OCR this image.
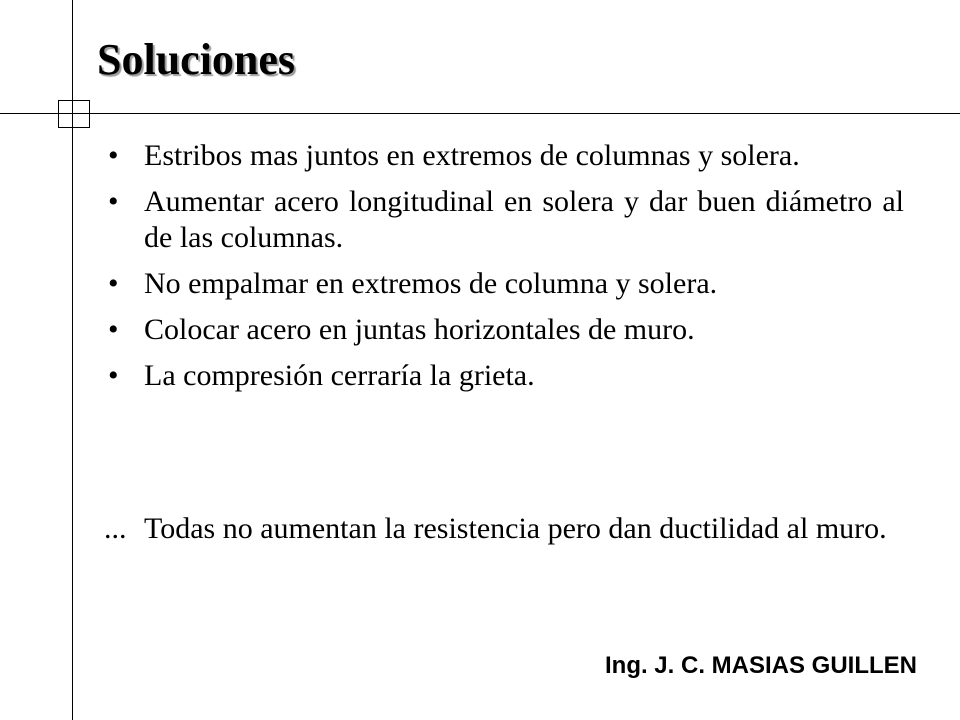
Soluciones
• Estribos mas juntos en extremos de columnas y solera.
• Aumentar acero longitudinal en solera y dar buen diámetro al de las columnas.
• No empalmar en extremos de columna y solera.
• Colocar acero en juntas horizontales de muro.
• La compresión cerraría la grieta.

... Todas no aumentan la resistencia pero dan ductilidad al muro.

Ing. J. C. MASIAS GUILLEN
